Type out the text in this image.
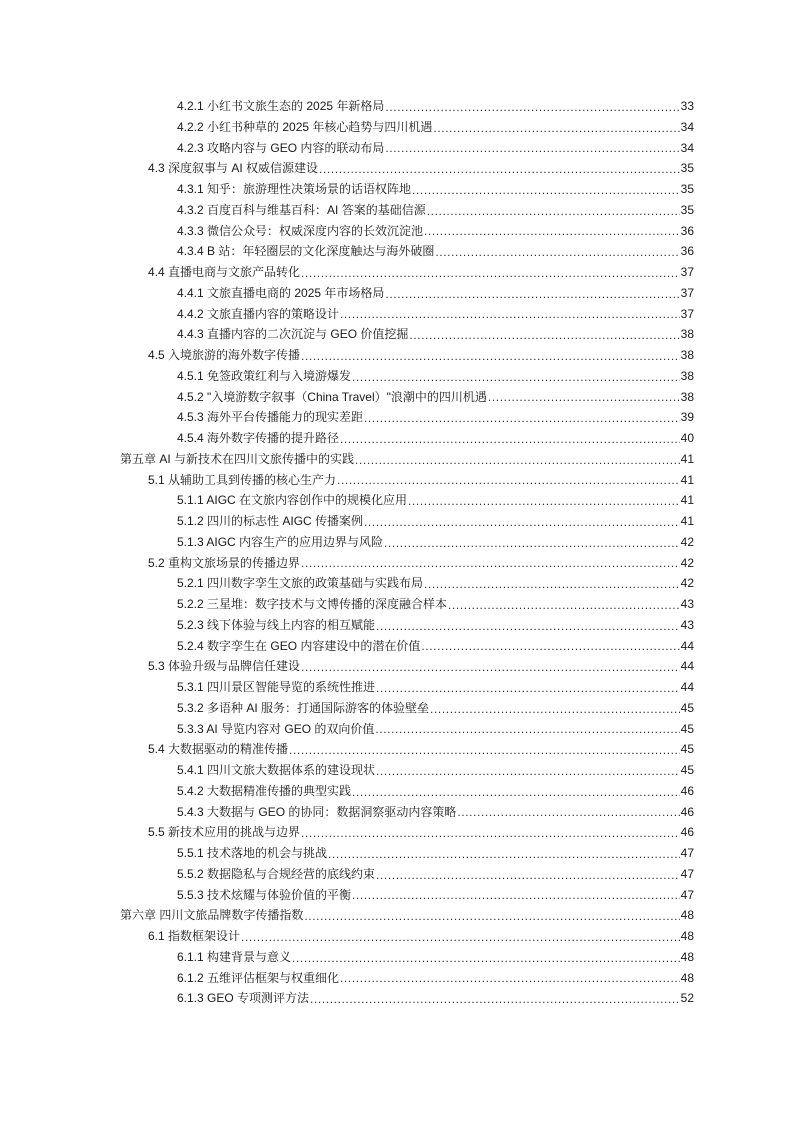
4.2.1 小红书文旅生态的 2025 年新格局 .....	33
4.2.2 小红书种草的 2025 年核心趋势与四川机遇 .....	34
4.2.3 攻略内容与 GEO 内容的联动布局 .....	34
4.3 深度叙事与 AI 权威信源建设 .....	35
4.3.1 知乎：旅游理性决策场景的话语权阵地 .....	35
4.3.2 百度百科与维基百科：AI 答案的基础信源 .....	35
4.3.3 微信公众号：权威深度内容的长效沉淀池 .....	36
4.3.4 B 站：年轻圈层的文化深度触达与海外破圈 .....	36
4.4 直播电商与文旅产品转化 .....	37
4.4.1 文旅直播电商的 2025 年市场格局 .....	37
4.4.2 文旅直播内容的策略设计 .....	37
4.4.3 直播内容的二次沉淀与 GEO 价值挖掘 .....	38
4.5 入境旅游的海外数字传播 .....	38
4.5.1 免签政策红利与入境游爆发 .....	38
4.5.2 "入境游数字叙事（China Travel）"浪潮中的四川机遇 .....	38
4.5.3 海外平台传播能力的现实差距 .....	39
4.5.4 海外数字传播的提升路径 .....	40
第五章 AI 与新技术在四川文旅传播中的实践 .....	41
5.1 从辅助工具到传播的核心生产力 .....	41
5.1.1 AIGC 在文旅内容创作中的规模化应用 .....	41
5.1.2 四川的标志性 AIGC 传播案例 .....	41
5.1.3 AIGC 内容生产的应用边界与风险 .....	42
5.2 重构文旅场景的传播边界 .....	42
5.2.1 四川数字孪生文旅的政策基础与实践布局 .....	42
5.2.2 三星堆：数字技术与文博传播的深度融合样本 .....	43
5.2.3 线下体验与线上内容的相互赋能 .....	43
5.2.4 数字孪生在 GEO 内容建设中的潜在价值 .....	44
5.3 体验升级与品牌信任建设 .....	44
5.3.1 四川景区智能导览的系统性推进 .....	44
5.3.2 多语种 AI 服务：打通国际游客的体验壁垒 .....	45
5.3.3 AI 导览内容对 GEO 的双向价值 .....	45
5.4 大数据驱动的精准传播 .....	45
5.4.1 四川文旅大数据体系的建设现状 .....	45
5.4.2 大数据精准传播的典型实践 .....	46
5.4.3 大数据与 GEO 的协同：数据洞察驱动内容策略 .....	46
5.5 新技术应用的挑战与边界 .....	46
5.5.1 技术落地的机会与挑战 .....	47
5.5.2 数据隐私与合规经营的底线约束 .....	47
5.5.3 技术炫耀与体验价值的平衡 .....	47
第六章 四川文旅品牌数字传播指数 .....	48
6.1 指数框架设计 .....	48
6.1.1 构建背景与意义 .....	48
6.1.2 五维评估框架与权重细化 .....	48
6.1.3 GEO 专项测评方法 .....	52
